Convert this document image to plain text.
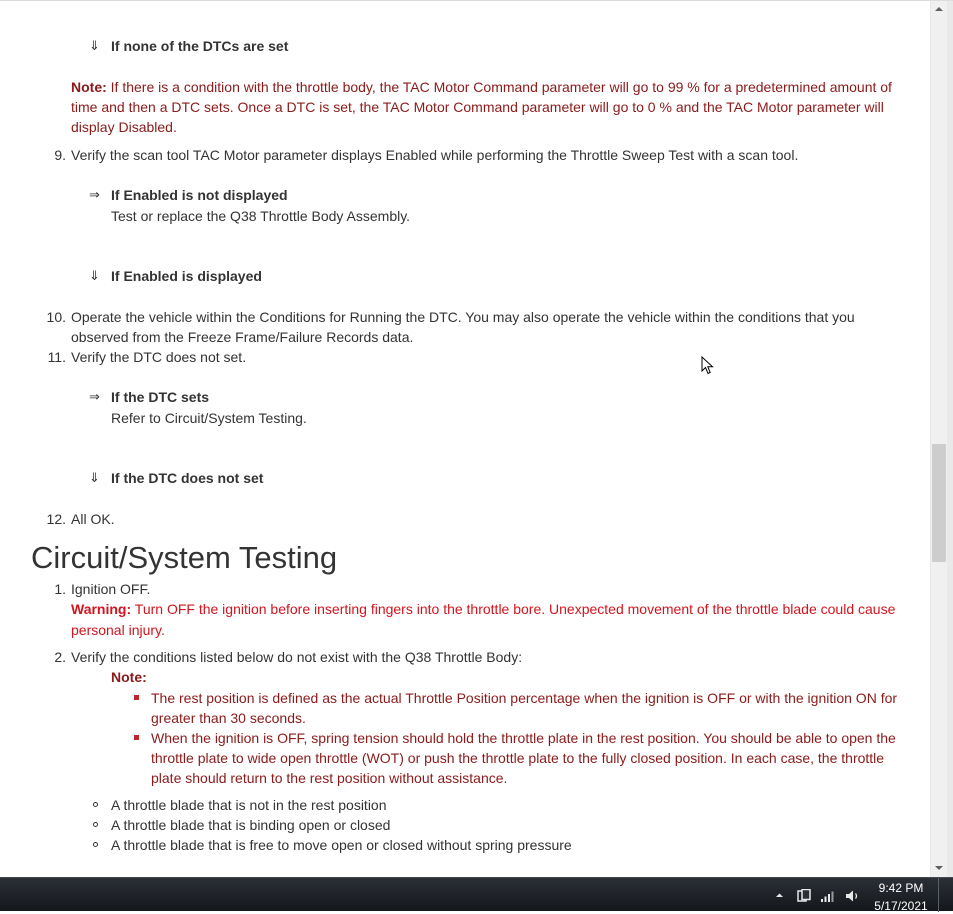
⇓ If none of the DTCs are set
Note: If there is a condition with the throttle body, the TAC Motor Command parameter will go to 99 % for a predetermined amount of
time and then a DTC sets. Once a DTC is set, the TAC Motor Command parameter will go to 0 % and the TAC Motor parameter will
display Disabled.
9. Verify the scan tool TAC Motor parameter displays Enabled while performing the Throttle Sweep Test with a scan tool.
⇒ If Enabled is not displayed
Test or replace the Q38 Throttle Body Assembly.
⇓ If Enabled is displayed
10. Operate the vehicle within the Conditions for Running the DTC. You may also operate the vehicle within the conditions that you
observed from the Freeze Frame/Failure Records data.
11. Verify the DTC does not set.
⇒ If the DTC sets
Refer to Circuit/System Testing.
⇓ If the DTC does not set
12. All OK.
Circuit/System Testing
1. Ignition OFF.
Warning: Turn OFF the ignition before inserting fingers into the throttle bore. Unexpected movement of the throttle blade could cause
personal injury.
2. Verify the conditions listed below do not exist with the Q38 Throttle Body:
Note:
The rest position is defined as the actual Throttle Position percentage when the ignition is OFF or with the ignition ON for
greater than 30 seconds.
When the ignition is OFF, spring tension should hold the throttle plate in the rest position. You should be able to open the
throttle plate to wide open throttle (WOT) or push the throttle plate to the fully closed position. In each case, the throttle
plate should return to the rest position without assistance.
A throttle blade that is not in the rest position
A throttle blade that is binding open or closed
A throttle blade that is free to move open or closed without spring pressure
9:42 PM
5/17/2021
